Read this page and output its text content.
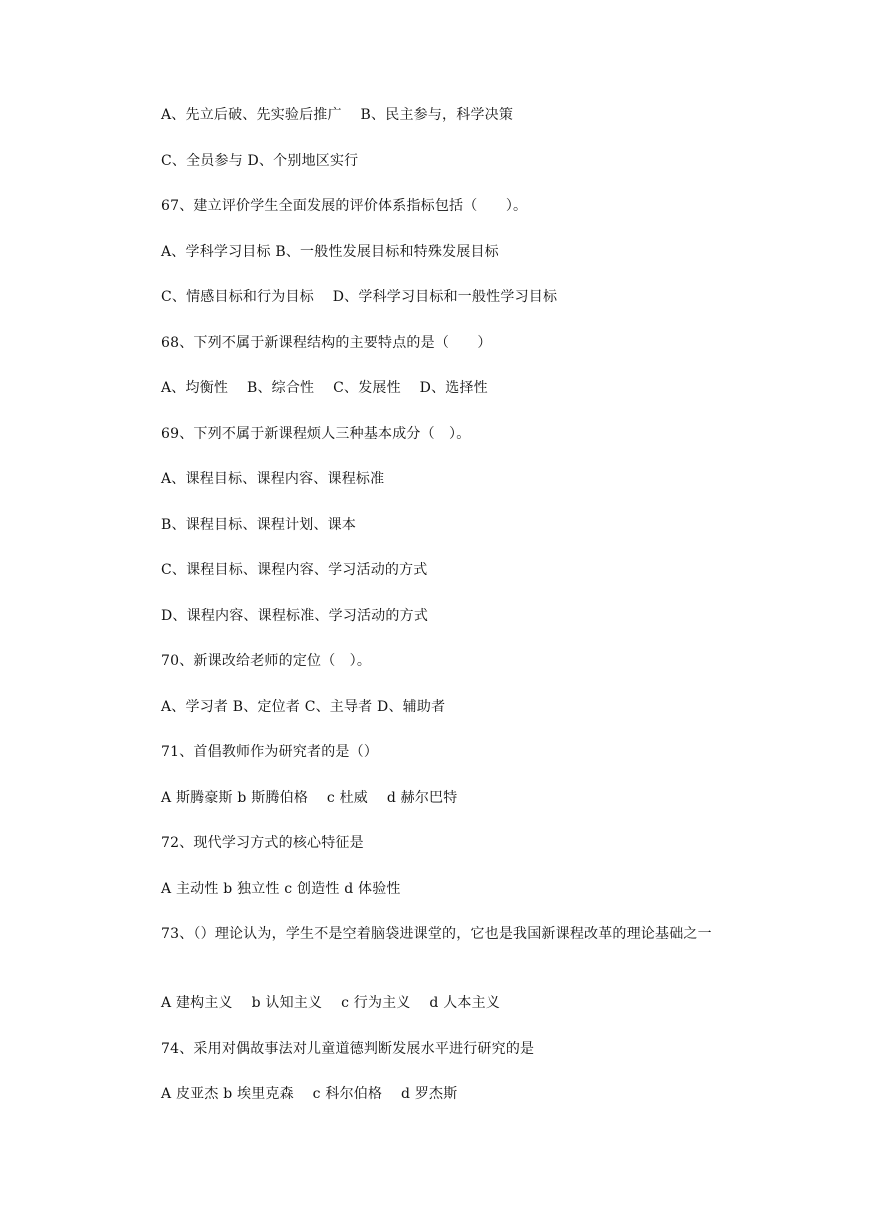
A、先立后破、先实验后推广　 B、民主参与，科学决策
C、全员参与 D、个别地区实行
67、建立评价学生全面发展的评价体系指标包括（　　）。
A、学科学习目标 B、一般性发展目标和特殊发展目标
C、情感目标和行为目标　 D、学科学习目标和一般性学习目标
68、下列不属于新课程结构的主要特点的是（　　）
A、均衡性　 B、综合性　 C、发展性　 D、选择性
69、下列不属于新课程烦人三种基本成分（　）。
A、课程目标、课程内容、课程标准
B、课程目标、课程计划、课本
C、课程目标、课程内容、学习活动的方式
D、课程内容、课程标准、学习活动的方式
70、新课改给老师的定位（　）。
A、学习者 B、定位者 C、主导者 D、辅助者
71、首倡教师作为研究者的是（）
A 斯腾豪斯 b 斯腾伯格　 c 杜威　 d 赫尔巴特
72、现代学习方式的核心特征是
A 主动性 b 独立性 c 创造性 d 体验性
73、（）理论认为，学生不是空着脑袋进课堂的，它也是我国新课程改革的理论基础之一
A 建构主义　 b 认知主义　 c 行为主义　 d 人本主义
74、采用对偶故事法对儿童道德判断发展水平进行研究的是
A 皮亚杰 b 埃里克森　 c 科尔伯格　 d 罗杰斯
